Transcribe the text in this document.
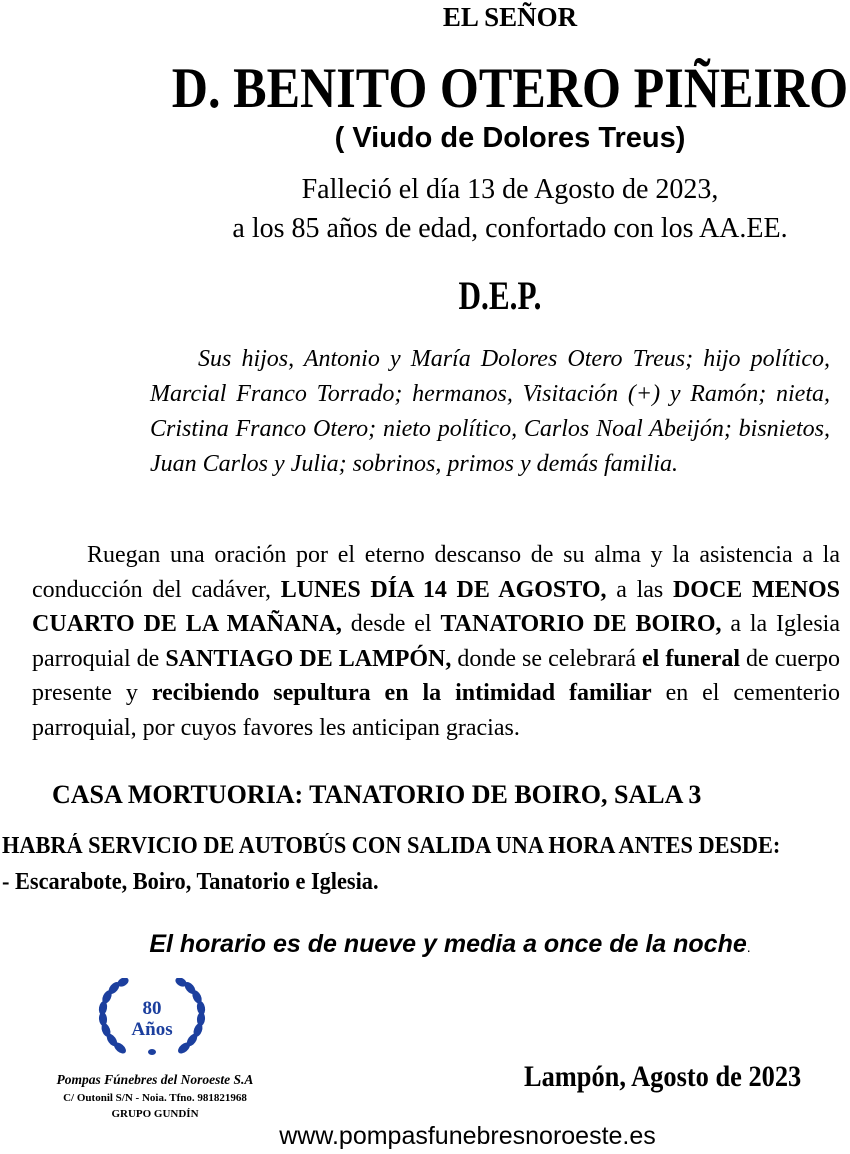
EL SEÑOR
D. BENITO OTERO PIÑEIRO
( Viudo de Dolores Treus)
Falleció el día 13 de Agosto de 2023,
a los 85 años de edad, confortado con los AA.EE.
D.E.P.
Sus hijos, Antonio y María Dolores Otero Treus; hijo político, Marcial Franco Torrado; hermanos, Visitación (+) y Ramón; nieta, Cristina Franco Otero; nieto político, Carlos Noal Abeijón; bisnietos, Juan Carlos y Julia; sobrinos, primos y demás familia.
Ruegan una oración por el eterno descanso de su alma y la asistencia a la conducción del cadáver, LUNES DÍA 14 DE AGOSTO, a las DOCE MENOS CUARTO DE LA MAÑANA, desde el TANATORIO DE BOIRO, a la Iglesia parroquial de SANTIAGO DE LAMPÓN, donde se celebrará el funeral de cuerpo presente y recibiendo sepultura en la intimidad familiar en el cementerio parroquial, por cuyos favores les anticipan gracias.
CASA MORTUORIA: TANATORIO DE BOIRO, SALA 3
HABRÁ SERVICIO DE AUTOBÚS CON SALIDA UNA HORA ANTES DESDE:
- Escarabote, Boiro, Tanatorio e Iglesia.
El horario es de nueve y media a once de la noche.
80
Años
Pompas Fúnebres del Noroeste S.A
C/ Outonil S/N - Noia. Tfno. 981821968
GRUPO GUNDÍN
Lampón, Agosto de 2023
www.pompasfunebresnoroeste.es
